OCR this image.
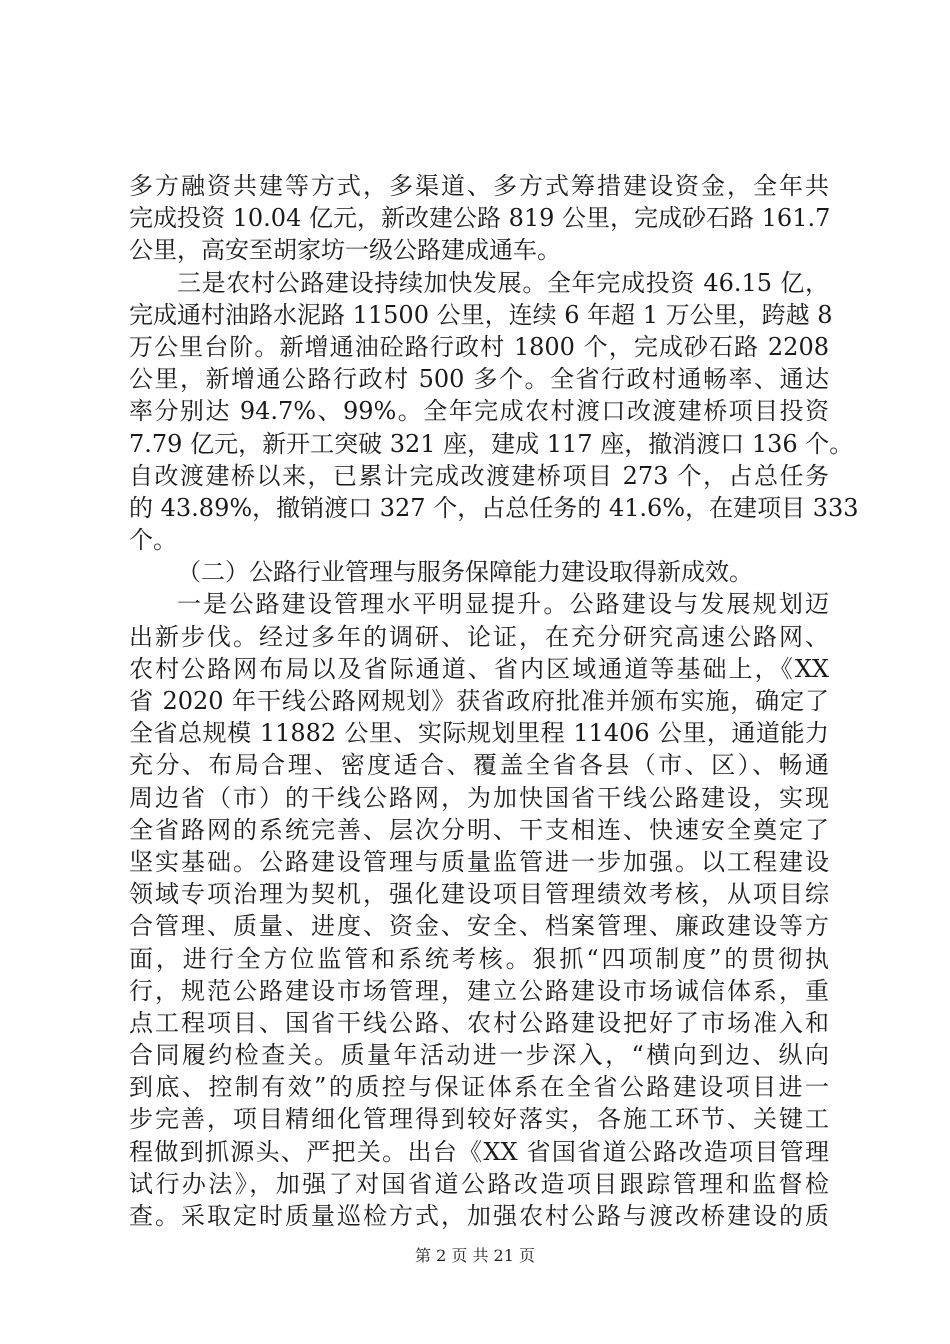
多方融资共建等方式，多渠道、多方式筹措建设资金，全年共
完成投资 10.04 亿元，新改建公路 819 公里，完成砂石路 161.7
公里，高安至胡家坊一级公路建成通车。
三是农村公路建设持续加快发展。全年完成投资 46.15 亿，
完成通村油路水泥路 11500 公里，连续 6 年超 1 万公里，跨越 8
万公里台阶。新增通油砼路行政村 1800 个，完成砂石路 2208
公里，新增通公路行政村 500 多个。全省行政村通畅率、通达
率分别达 94.7%、99%。全年完成农村渡口改渡建桥项目投资
7.79 亿元，新开工突破 321 座，建成 117 座，撤消渡口 136 个。
自改渡建桥以来，已累计完成改渡建桥项目 273 个，占总任务
的 43.89%，撤销渡口 327 个，占总任务的 41.6%，在建项目 333
个。
（二）公路行业管理与服务保障能力建设取得新成效。
一是公路建设管理水平明显提升。公路建设与发展规划迈
出新步伐。经过多年的调研、论证，在充分研究高速公路网、
农村公路网布局以及省际通道、省内区域通道等基础上，《XX
省 2020 年干线公路网规划》获省政府批准并颁布实施，确定了
全省总规模 11882 公里、实际规划里程 11406 公里，通道能力
充分、布局合理、密度适合、覆盖全省各县（市、区）、畅通
周边省（市）的干线公路网，为加快国省干线公路建设，实现
全省路网的系统完善、层次分明、干支相连、快速安全奠定了
坚实基础。公路建设管理与质量监管进一步加强。以工程建设
领域专项治理为契机，强化建设项目管理绩效考核，从项目综
合管理、质量、进度、资金、安全、档案管理、廉政建设等方
面，进行全方位监管和系统考核。狠抓“四项制度”的贯彻执
行，规范公路建设市场管理，建立公路建设市场诚信体系，重
点工程项目、国省干线公路、农村公路建设把好了市场准入和
合同履约检查关。质量年活动进一步深入，“横向到边、纵向
到底、控制有效”的质控与保证体系在全省公路建设项目进一
步完善，项目精细化管理得到较好落实，各施工环节、关键工
程做到抓源头、严把关。出台《XX 省国省道公路改造项目管理
试行办法》，加强了对国省道公路改造项目跟踪管理和监督检
查。采取定时质量巡检方式，加强农村公路与渡改桥建设的质
第 2 页 共 21 页
